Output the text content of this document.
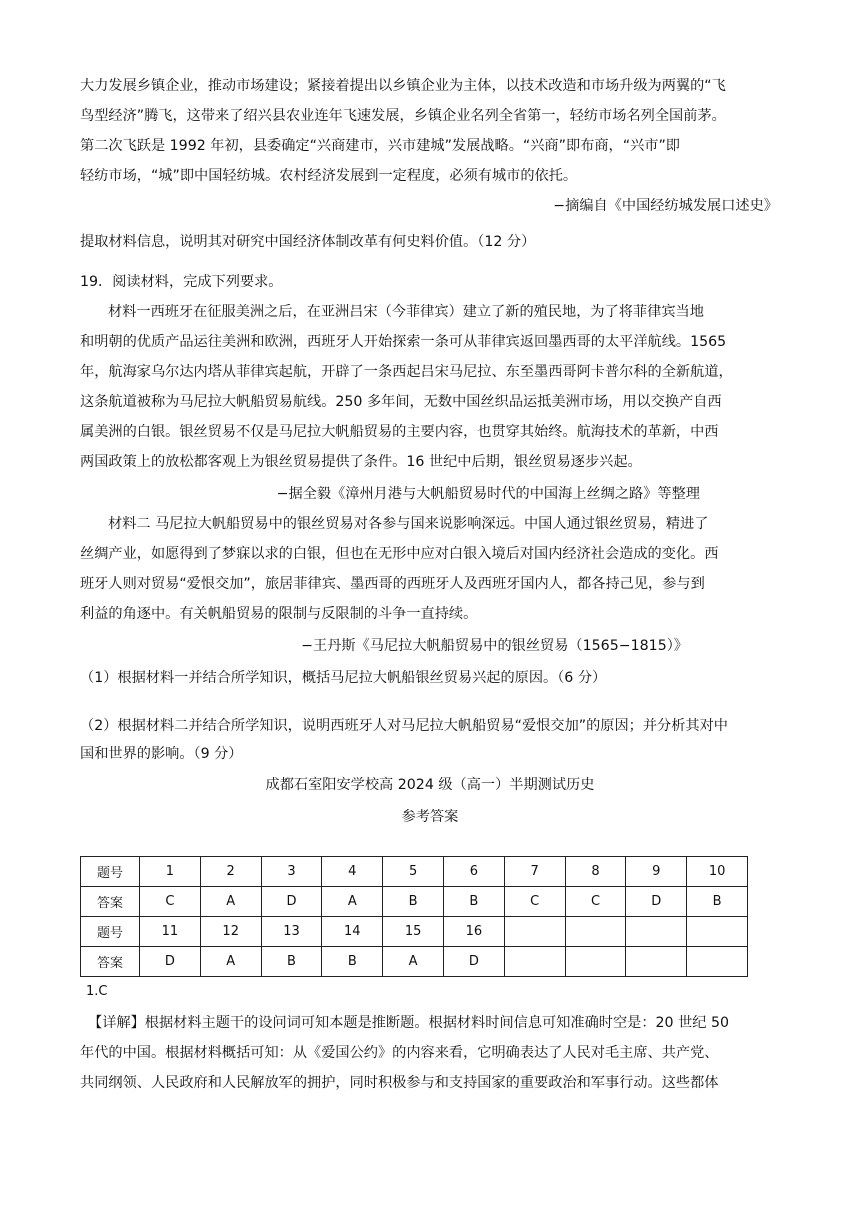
大力发展乡镇企业，推动市场建设；紧接着提出以乡镇企业为主体，以技术改造和市场升级为两翼的“飞
鸟型经济”腾飞，这带来了绍兴县农业连年飞速发展，乡镇企业名列全省第一，轻纺市场名列全国前茅。
第二次飞跃是 1992 年初，县委确定“兴商建市，兴市建城”发展战略。“兴商”即布商，“兴市”即
轻纺市场，“城”即中国轻纺城。农村经济发展到一定程度，必须有城市的依托。
−摘编自《中国经纺城发展口述史》
提取材料信息，说明其对研究中国经济体制改革有何史料价值。（12 分）
19．阅读材料，完成下列要求。
材料一西班牙在征服美洲之后，在亚洲吕宋（今菲律宾）建立了新的殖民地，为了将菲律宾当地
和明朝的优质产品运往美洲和欧洲，西班牙人开始探索一条可从菲律宾返回墨西哥的太平洋航线。1565
年，航海家乌尔达内塔从菲律宾起航，开辟了一条西起吕宋马尼拉、东至墨西哥阿卡普尔科的全新航道，
这条航道被称为马尼拉大帆船贸易航线。250 多年间，无数中国丝织品运抵美洲市场，用以交换产自西
属美洲的白银。银丝贸易不仅是马尼拉大帆船贸易的主要内容，也贯穿其始终。航海技术的革新，中西
两国政策上的放松都客观上为银丝贸易提供了条件。16 世纪中后期，银丝贸易逐步兴起。
−据全毅《漳州月港与大帆船贸易时代的中国海上丝绸之路》等整理
材料二 马尼拉大帆船贸易中的银丝贸易对各参与国来说影响深远。中国人通过银丝贸易，精进了
丝绸产业，如愿得到了梦寐以求的白银，但也在无形中应对白银入境后对国内经济社会造成的变化。西
班牙人则对贸易“爱恨交加”，旅居菲律宾、墨西哥的西班牙人及西班牙国内人，都各持己见，参与到
利益的角逐中。有关帆船贸易的限制与反限制的斗争一直持续。
−王丹斯《马尼拉大帆船贸易中的银丝贸易（1565−1815）》
（1）根据材料一并结合所学知识，概括马尼拉大帆船银丝贸易兴起的原因。（6 分）
（2）根据材料二并结合所学知识，说明西班牙人对马尼拉大帆船贸易“爱恨交加”的原因；并分析其对中
国和世界的影响。（9 分）
成都石室阳安学校高 2024 级（高一）半期测试历史
参考答案
题号	1	2	3	4	5	6	7	8	9	10
答案	C	A	D	A	B	B	C	C	D	B
题号	11	12	13	14	15	16				
答案	D	A	B	B	A	D				
1.C
【详解】根据材料主题干的设问词可知本题是推断题。根据材料时间信息可知准确时空是：20 世纪 50
年代的中国。根据材料概括可知：从《爱国公约》的内容来看，它明确表达了人民对毛主席、共产党、
共同纲领、人民政府和人民解放军的拥护，同时积极参与和支持国家的重要政治和军事行动。这些都体
